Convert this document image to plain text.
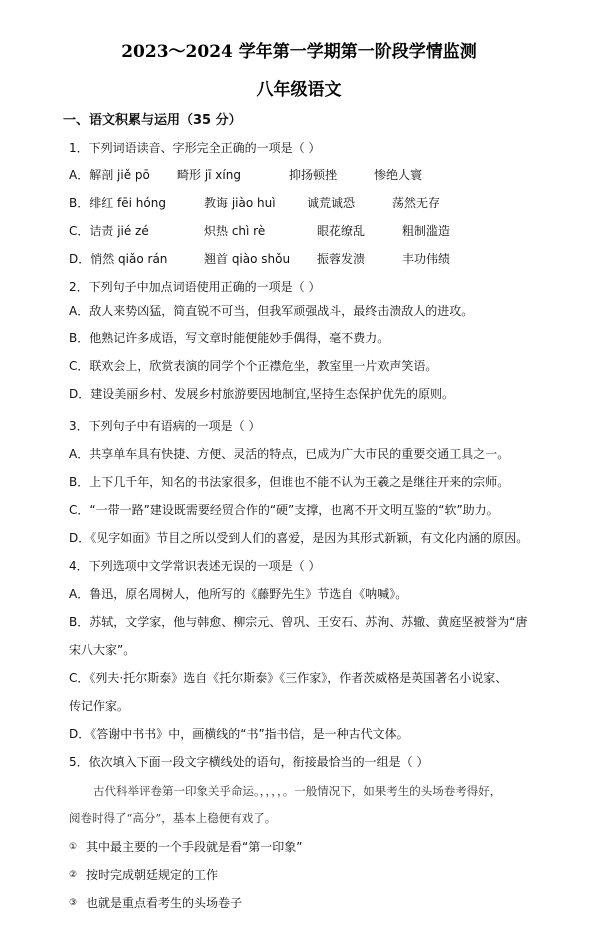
2023～2024 学年第一学期第一阶段学情监测
八年级语文
一、语文积累与运用（35 分）
1．下列词语读音、字形完全正确的一项是（ ）
A．解剖 jiě pō 畸形 jī xíng	抑扬顿挫	惨绝人寰
B．绯红 fēi hóng	教诲 jiào huì	诚荒诚恐	荡然无存
C．诘责 jié zé	炽热 chì rè	眼花缭乱	粗制滥造
D．悄然 qiǎo rán	翘首 qiào shǒu 振蓉发溃	丰功伟绩
2．下列句子中加点词语使用正确的一项是（ ）
A．敌人来势凶猛，简直锐不可当，但我军顽强战斗，最终击溃敌人的进攻。
B．他熟记许多成语，写文章时能便能妙手偶得，毫不费力。
C．联欢会上，欣赏表演的同学个个正襟危坐，教室里一片欢声笑语。
D．建设美丽乡村、发展乡村旅游要因地制宜,坚持生态保护优先的原则。
3．下列句子中有语病的一项是（ ）
A．共享单车具有快捷、方便、灵活的特点，已成为广大市民的重要交通工具之一。
B．上下几千年，知名的书法家很多，但谁也不能不认为王羲之是继往开来的宗师。
C．“一带一路”建设既需要经贸合作的“硬”支撑，也离不开文明互鉴的“软”助力。
D．《见字如面》节目之所以受到人们的喜爱，是因为其形式新颖，有文化内涵的原因。
4．下列选项中文学常识表述无误的一项是（ ）
A．鲁迅，原名周树人，他所写的《藤野先生》节选自《呐喊》。
B．苏轼，文学家，他与韩愈、柳宗元、曾巩、王安石、苏洵、苏辙、黄庭坚被誉为“唐
宋八大家”。
C．《列夫·托尔斯泰》选自《托尔斯泰》《三作家》，作者茨威格是英国著名小说家、
传记作家。
D．《答谢中书书》中，画横线的“书”指书信，是一种古代文体。
5．依次填入下面一段文字横线处的语句，衔接最恰当的一组是（ ）
古代科举评卷第一印象关乎命运。，，，，。一般情况下，如果考生的头场卷考得好，
阅卷时得了“高分”，基本上稳便有戏了。
① 其中最主要的一个手段就是看“第一印象”
② 按时完成朝廷规定的工作
③ 也就是重点看考生的头场卷子
